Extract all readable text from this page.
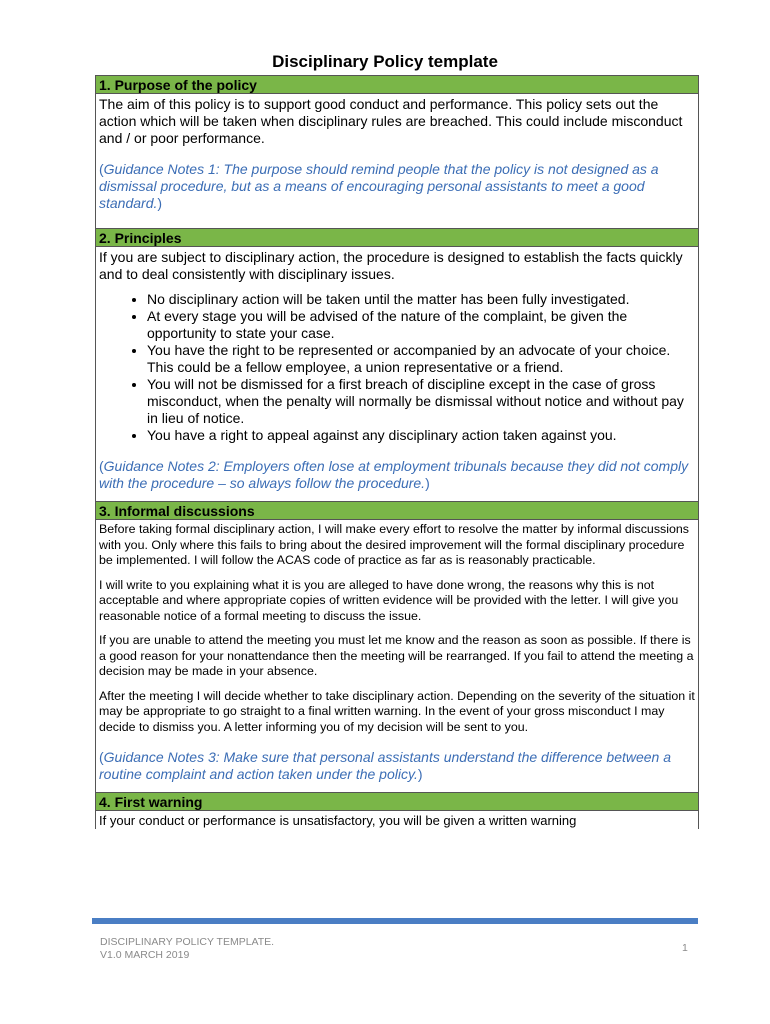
Disciplinary Policy template
1. Purpose of the policy

The aim of this policy is to support good conduct and performance. This policy sets out the action which will be taken when disciplinary rules are breached. This could include misconduct and / or poor performance.

(Guidance Notes 1: The purpose should remind people that the policy is not designed as a dismissal procedure, but as a means of encouraging personal assistants to meet a good standard.)

2. Principles

If you are subject to disciplinary action, the procedure is designed to establish the facts quickly and to deal consistently with disciplinary issues.

• No disciplinary action will be taken until the matter has been fully investigated.
• At every stage you will be advised of the nature of the complaint, be given the opportunity to state your case.
• You have the right to be represented or accompanied by an advocate of your choice. This could be a fellow employee, a union representative or a friend.
• You will not be dismissed for a first breach of discipline except in the case of gross misconduct, when the penalty will normally be dismissal without notice and without pay in lieu of notice.
• You have a right to appeal against any disciplinary action taken against you.

(Guidance Notes 2: Employers often lose at employment tribunals because they did not comply with the procedure – so always follow the procedure.)

3. Informal discussions

Before taking formal disciplinary action, I will make every effort to resolve the matter by informal discussions with you. Only where this fails to bring about the desired improvement will the formal disciplinary procedure be implemented. I will follow the ACAS code of practice as far as is reasonably practicable.

I will write to you explaining what it is you are alleged to have done wrong, the reasons why this is not acceptable and where appropriate copies of written evidence will be provided with the letter. I will give you reasonable notice of a formal meeting to discuss the issue.

If you are unable to attend the meeting you must let me know and the reason as soon as possible. If there is a good reason for your nonattendance then the meeting will be rearranged. If you fail to attend the meeting a decision may be made in your absence.

After the meeting I will decide whether to take disciplinary action. Depending on the severity of the situation it may be appropriate to go straight to a final written warning. In the event of your gross misconduct I may decide to dismiss you. A letter informing you of my decision will be sent to you.

(Guidance Notes 3: Make sure that personal assistants understand the difference between a routine complaint and action taken under the policy.)

4. First warning

If your conduct or performance is unsatisfactory, you will be given a written warning

DISCIPLINARY POLICY TEMPLATE.
V1.0 MARCH 2019
1
